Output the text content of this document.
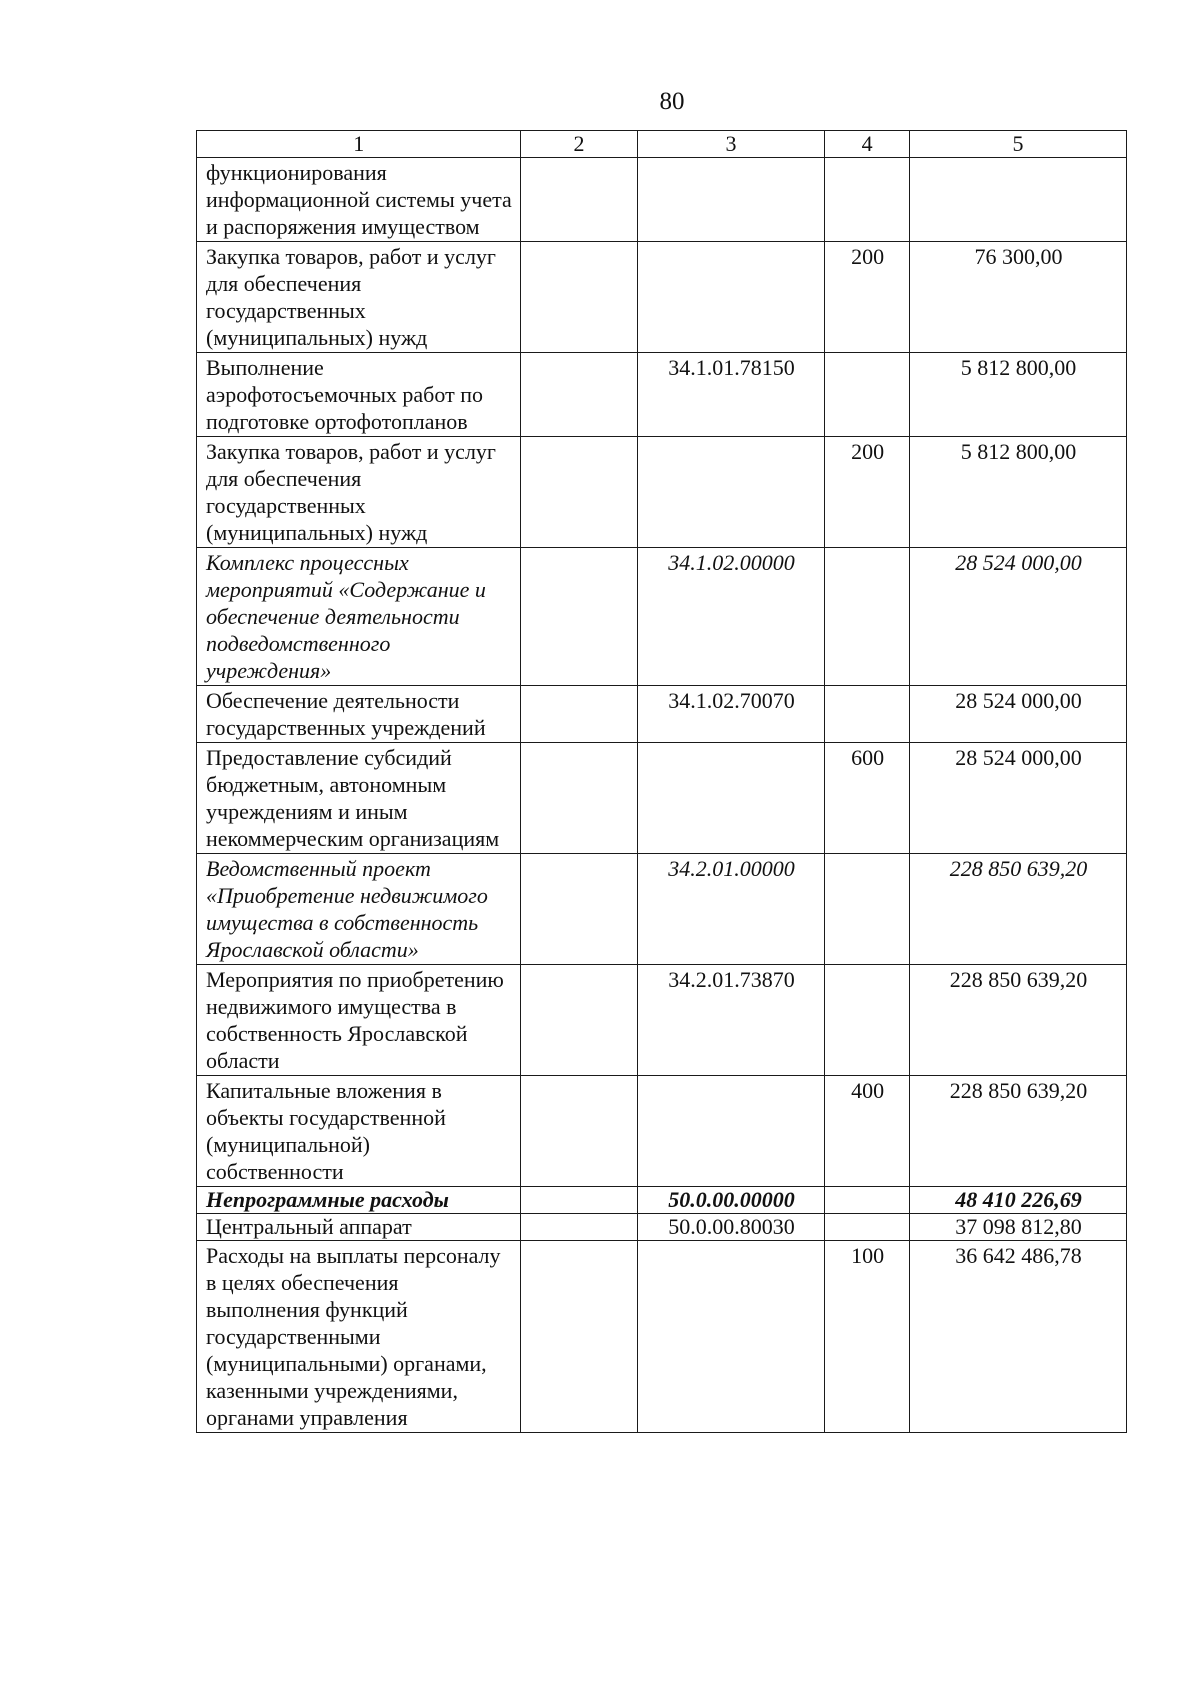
80
1	2	3	4	5
функционирования информационной системы учета и распоряжения имуществом				
Закупка товаров, работ и услуг для обеспечения государственных (муниципальных) нужд			200	76 300,00
Выполнение аэрофотосъемочных работ по подготовке ортофотопланов		34.1.01.78150		5 812 800,00
Закупка товаров, работ и услуг для обеспечения государственных (муниципальных) нужд			200	5 812 800,00
Комплекс процессных мероприятий «Содержание и обеспечение деятельности подведомственного учреждения»		34.1.02.00000		28 524 000,00
Обеспечение деятельности государственных учреждений		34.1.02.70070		28 524 000,00
Предоставление субсидий бюджетным, автономным учреждениям и иным некоммерческим организациям			600	28 524 000,00
Ведомственный проект «Приобретение недвижимого имущества в собственность Ярославской области»		34.2.01.00000		228 850 639,20
Мероприятия по приобретению недвижимого имущества в собственность Ярославской области		34.2.01.73870		228 850 639,20
Капитальные вложения в объекты государственной (муниципальной) собственности			400	228 850 639,20
Непрограммные расходы		50.0.00.00000		48 410 226,69
Центральный аппарат		50.0.00.80030		37 098 812,80
Расходы на выплаты персоналу в целях обеспечения выполнения функций государственными (муниципальными) органами, казенными учреждениями, органами управления			100	36 642 486,78
